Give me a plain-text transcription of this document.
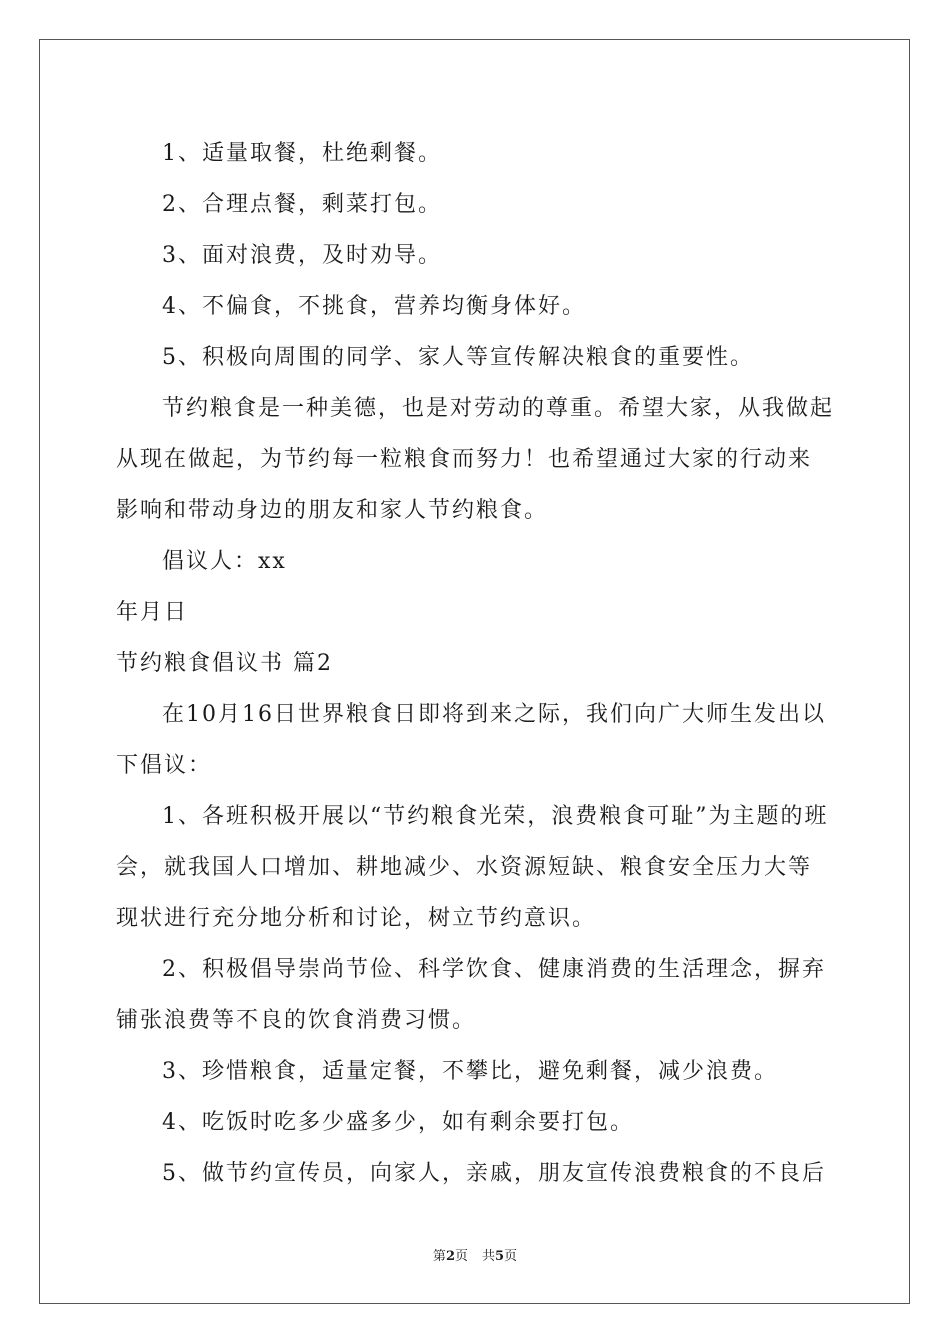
1、适量取餐，杜绝剩餐。

2、合理点餐，剩菜打包。

3、面对浪费，及时劝导。

4、不偏食，不挑食，营养均衡身体好。

5、积极向周围的同学、家人等宣传解决粮食的重要性。

节约粮食是一种美德，也是对劳动的尊重。希望大家，从我做起从现在做起，为节约每一粒粮食而努力！也希望通过大家的行动来影响和带动身边的朋友和家人节约粮食。

倡议人：xx

年月日

节约粮食倡议书 篇2

在10月16日世界粮食日即将到来之际，我们向广大师生发出以下倡议：

1、各班积极开展以“节约粮食光荣，浪费粮食可耻”为主题的班会，就我国人口增加、耕地减少、水资源短缺、粮食安全压力大等现状进行充分地分析和讨论，树立节约意识。

2、积极倡导崇尚节俭、科学饮食、健康消费的生活理念，摒弃铺张浪费等不良的饮食消费习惯。

3、珍惜粮食，适量定餐，不攀比，避免剩餐，减少浪费。

4、吃饭时吃多少盛多少，如有剩余要打包。

5、做节约宣传员，向家人，亲戚，朋友宣传浪费粮食的不良后

第2页 共5页
